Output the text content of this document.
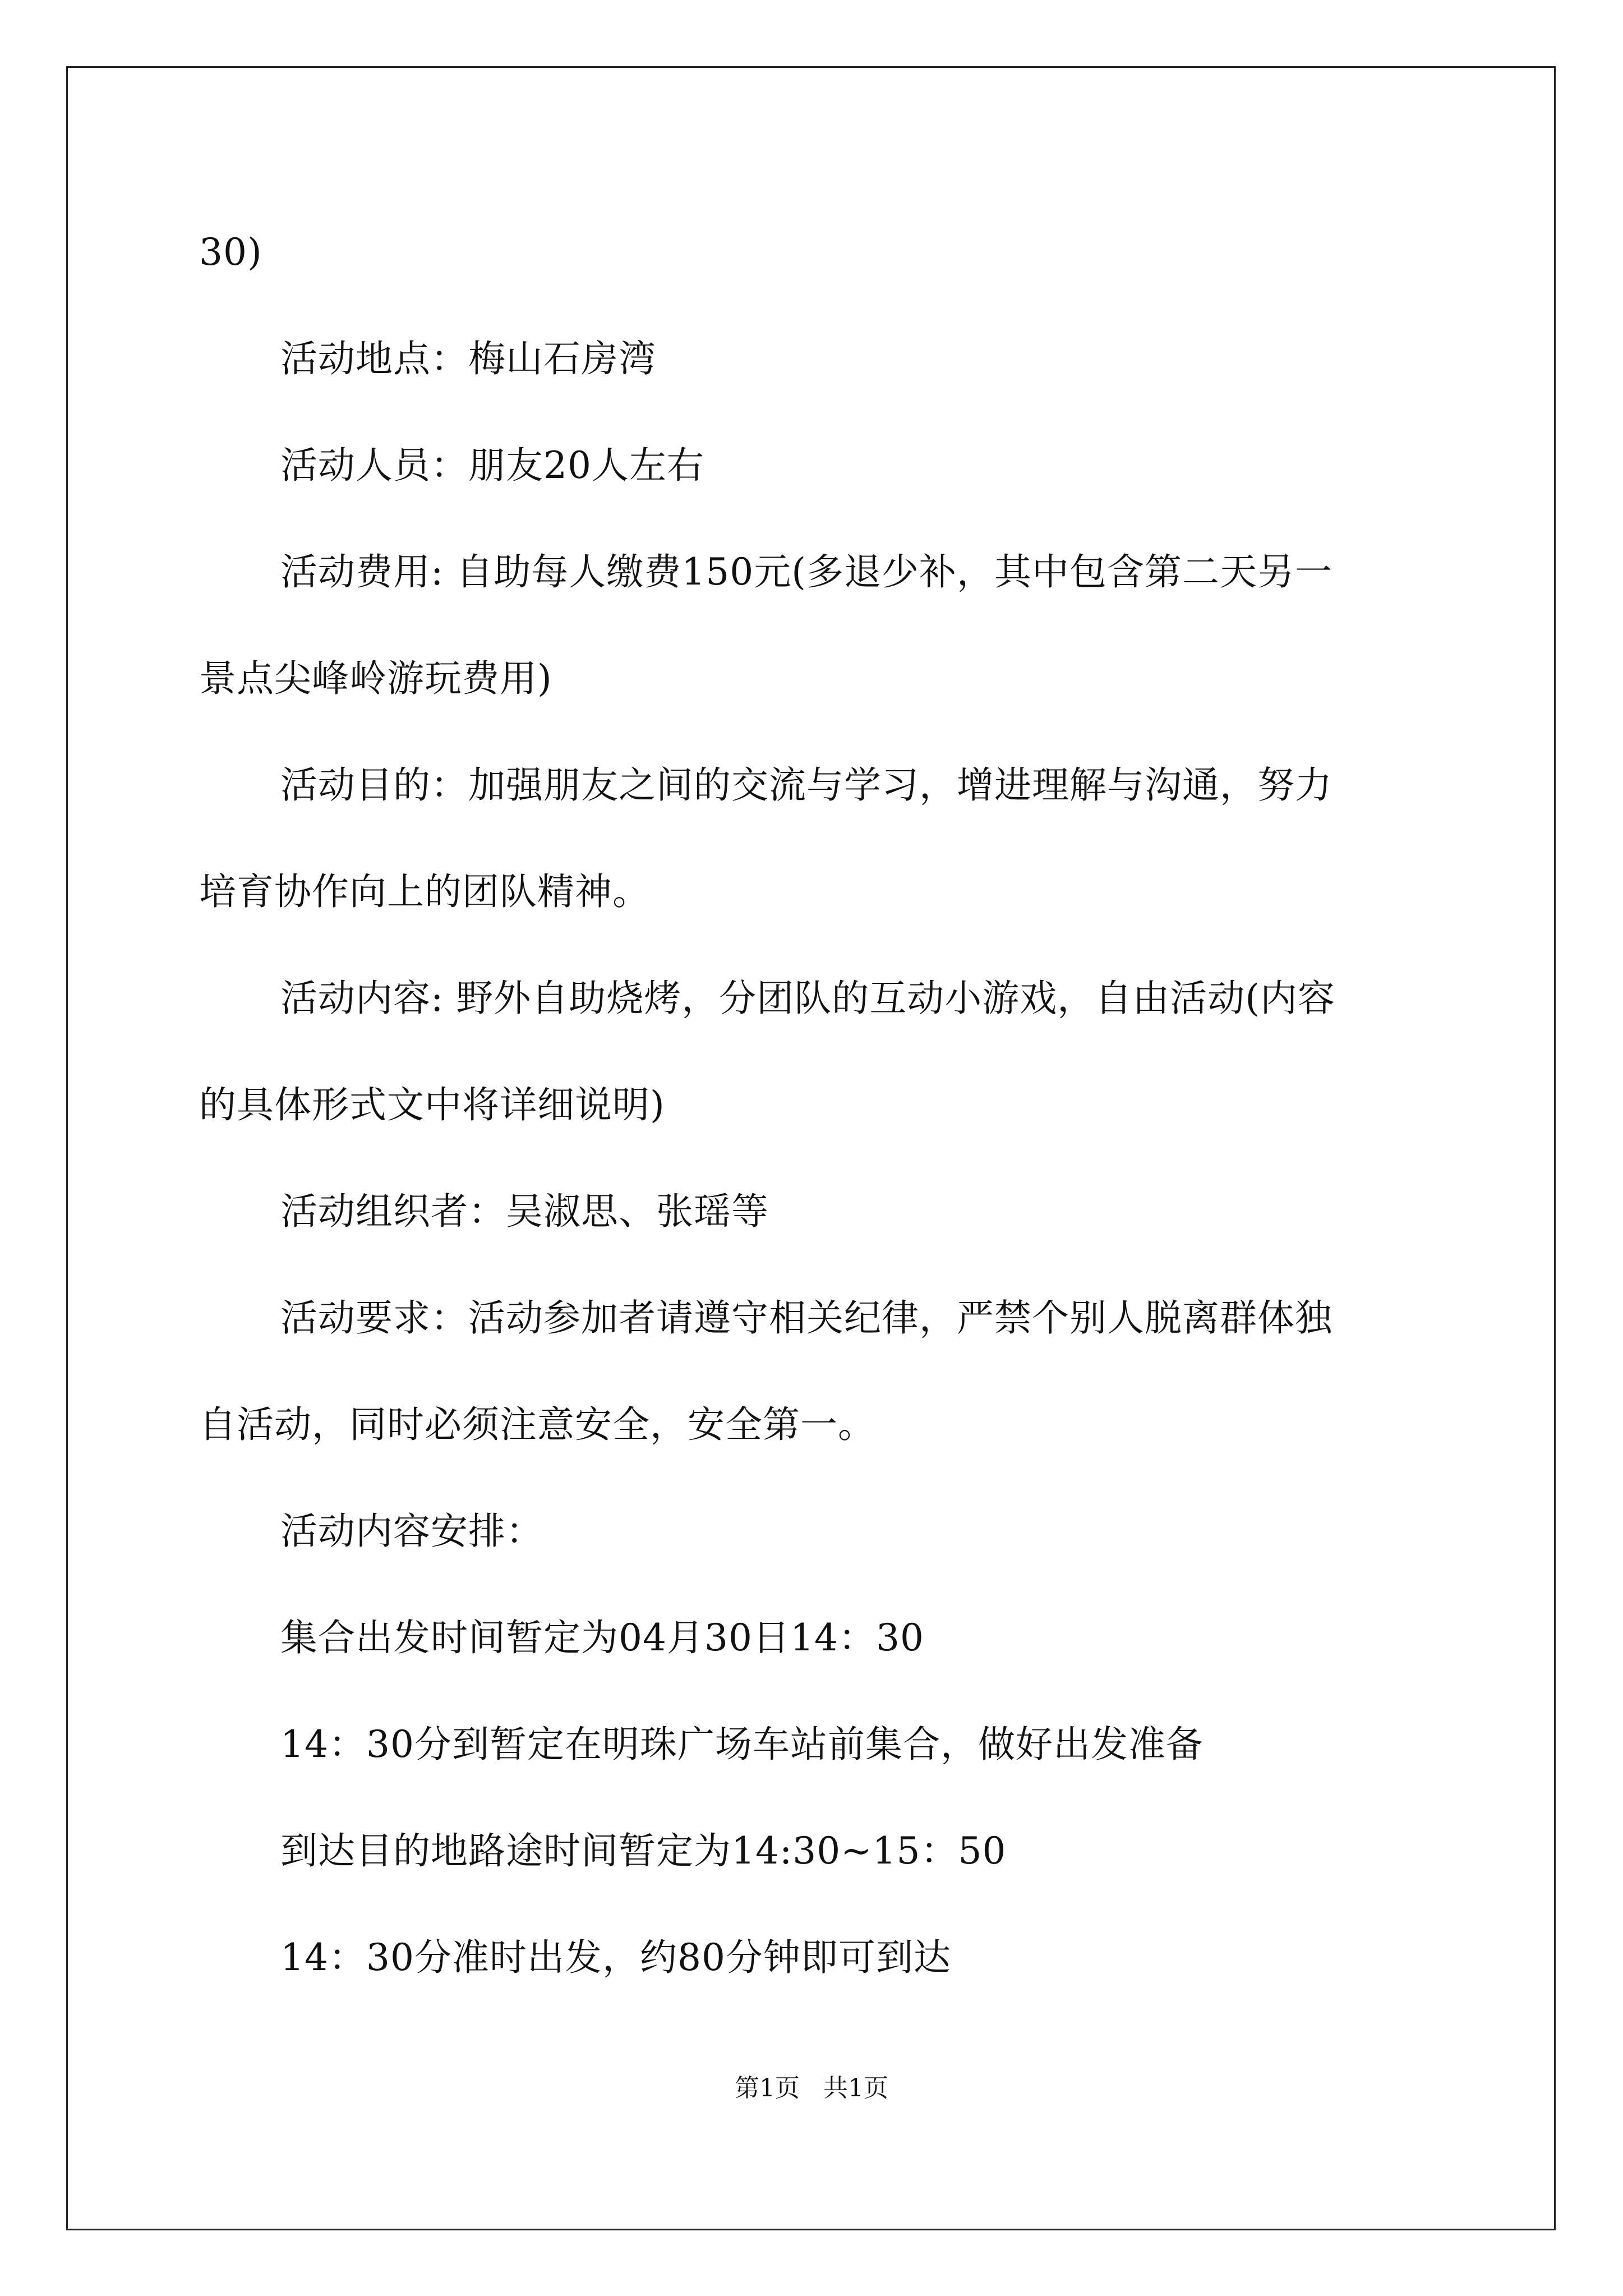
30)
活动地点：梅山石房湾
活动人员：朋友20人左右
活动费用: 自助每人缴费150元(多退少补，其中包含第二天另一
景点尖峰岭游玩费用)
活动目的：加强朋友之间的交流与学习，增进理解与沟通，努力
培育协作向上的团队精神。
活动内容: 野外自助烧烤，分团队的互动小游戏，自由活动(内容
的具体形式文中将详细说明)
活动组织者：吴淑思、张瑶等
活动要求：活动参加者请遵守相关纪律，严禁个别人脱离群体独
自活动，同时必须注意安全，安全第一。
活动内容安排：
集合出发时间暂定为04月30日14：30
14：30分到暂定在明珠广场车站前集合，做好出发准备
到达目的地路途时间暂定为14:30~15：50
14：30分准时出发，约80分钟即可到达
第1页   共1页
